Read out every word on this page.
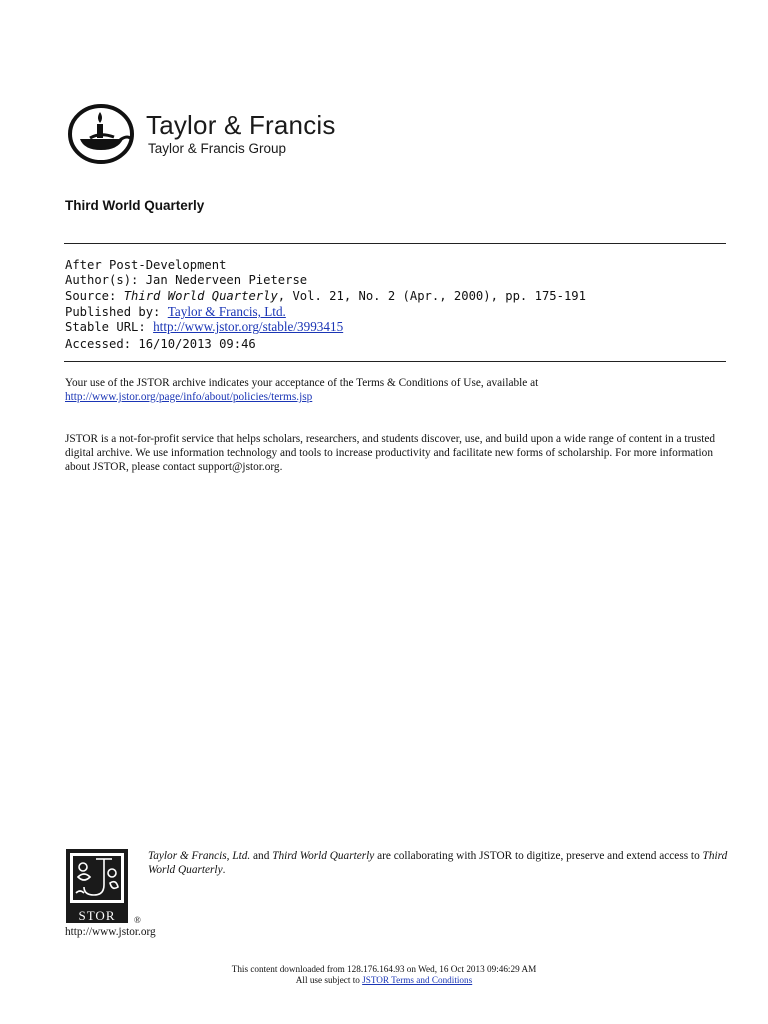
Taylor & Francis
Taylor & Francis Group
Third World Quarterly
After Post-Development
Author(s): Jan Nederveen Pieterse
Source: Third World Quarterly, Vol. 21, No. 2 (Apr., 2000), pp. 175-191
Published by: Taylor & Francis, Ltd.
Stable URL: http://www.jstor.org/stable/3993415
Accessed: 16/10/2013 09:46
Your use of the JSTOR archive indicates your acceptance of the Terms & Conditions of Use, available at
http://www.jstor.org/page/info/about/policies/terms.jsp
JSTOR is a not-for-profit service that helps scholars, researchers, and students discover, use, and build upon a wide range of content in a trusted digital archive. We use information technology and tools to increase productivity and facilitate new forms of scholarship. For more information about JSTOR, please contact support@jstor.org.
STOR ®
Taylor & Francis, Ltd. and Third World Quarterly are collaborating with JSTOR to digitize, preserve and extend access to Third World Quarterly.
http://www.jstor.org
This content downloaded from 128.176.164.93 on Wed, 16 Oct 2013 09:46:29 AM
All use subject to JSTOR Terms and Conditions
